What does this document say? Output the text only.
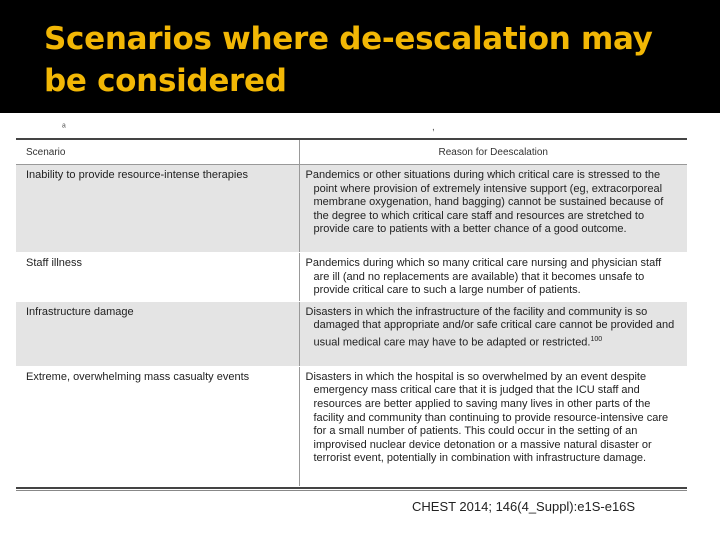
Scenarios where de-escalation may be considered
ᵃ	,
Scenario	Reason for Deescalation
Inability to provide resource-intense therapies	Pandemics or other situations during which critical care is stressed to the point where provision of extremely intensive support (eg, extracorporeal membrane oxygenation, hand bagging) cannot be sustained because of the degree to which critical care staff and resources are stretched to provide care to patients with a better chance of a good outcome.

Staff illness	Pandemics during which so many critical care nursing and physician staff are ill (and no replacements are available) that it becomes unsafe to provide critical care to such a large number of patients.

Infrastructure damage	Disasters in which the infrastructure of the facility and community is so damaged that appropriate and/or safe critical care cannot be provided and usual medical care may have to be adapted or restricted.$^{100}$

Extreme, overwhelming mass casualty events	Disasters in which the hospital is so overwhelmed by an event despite emergency mass critical care that it is judged that the ICU staff and resources are better applied to saving many lives in other parts of the facility and community than continuing to provide resource-intensive care for a small number of patients. This could occur in the setting of an improvised nuclear device detonation or a massive natural disaster or terrorist event, potentially in combination with infrastructure damage.
CHEST 2014; 146(4_Suppl):e1S-e16S
